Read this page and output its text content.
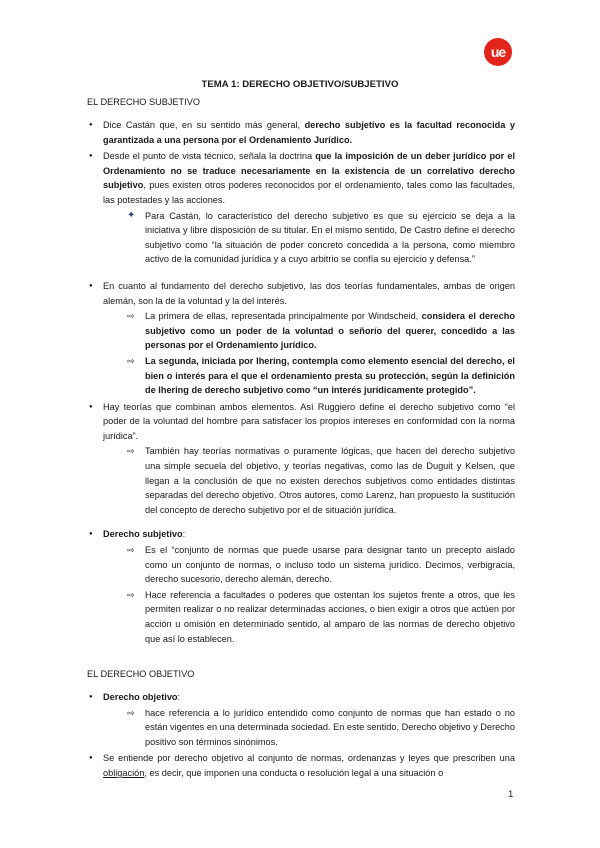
ue
TEMA 1: DERECHO OBJETIVO/SUBJETIVO
EL DERECHO SUBJETIVO
● Dice Castán que, en su sentido más general, derecho subjetivo es la facultad reconocida y garantizada a una persona por el Ordenamiento Jurídico.
● Desde el punto de vista técnico, señala la doctrina que la imposición de un deber jurídico por el Ordenamiento no se traduce necesariamente en la existencia de un correlativo derecho subjetivo, pues existen otros poderes reconocidos por el ordenamiento, tales como las facultades, las potestades y las acciones.
✦ Para Castán, lo característico del derecho subjetivo es que su ejercicio se deja a la iniciativa y libre disposición de su titular. En el mismo sentido, De Castro define el derecho subjetivo como “la situación de poder concreto concedida a la persona, como miembro activo de la comunidad jurídica y a cuyo arbitrio se confía su ejercicio y defensa.”
● En cuanto al fundamento del derecho subjetivo, las dos teorías fundamentales, ambas de origen alemán, son la de la voluntad y la del interés.
⇨ La primera de ellas, representada principalmente por Windscheid, considera el derecho subjetivo como un poder de la voluntad o señorío del querer, concedido a las personas por el Ordenamiento jurídico.
⇨ La segunda, iniciada por Ihering, contempla como elemento esencial del derecho, el bien o interés para el que el ordenamiento presta su protección, según la definición de Ihering de derecho subjetivo como “un interés jurídicamente protegido”.
● Hay teorías que combinan ambos elementos. Así Ruggiero define el derecho subjetivo como “el poder de la voluntad del hombre para satisfacer los propios intereses en conformidad con la norma jurídica”.
⇨ También hay teorías normativas o puramente lógicas, que hacen del derecho subjetivo una simple secuela del objetivo, y teorías negativas, como las de Duguit y Kelsen, que llegan a la conclusión de que no existen derechos subjetivos como entidades distintas separadas del derecho objetivo. Otros autores, como Larenz, han propuesto la sustitución del concepto de derecho subjetivo por el de situación jurídica.
● Derecho subjetivo:
⇨ Es el “conjunto de normas que puede usarse para designar tanto un precepto aislado como un conjunto de normas, o incluso todo un sistema jurídico. Decimos, verbigracia, derecho sucesorio, derecho alemán, derecho.
⇨ Hace referencia a facultades o poderes que ostentan los sujetos frente a otros, que les permiten realizar o no realizar determinadas acciones, o bien exigir a otros que actúen por acción u omisión en determinado sentido, al amparo de las normas de derecho objetivo que así lo establecen.
EL DERECHO OBJETIVO
● Derecho objetivo:
⇨ hace referencia a lo jurídico entendido como conjunto de normas que han estado o no están vigentes en una determinada sociedad. En este sentido, Derecho objetivo y Derecho positivo son términos sinónimos.
● Se entiende por derecho objetivo al conjunto de normas, ordenanzas y leyes que prescriben una obligación, es decir, que imponen una conducta o resolución legal a una situación o
1
